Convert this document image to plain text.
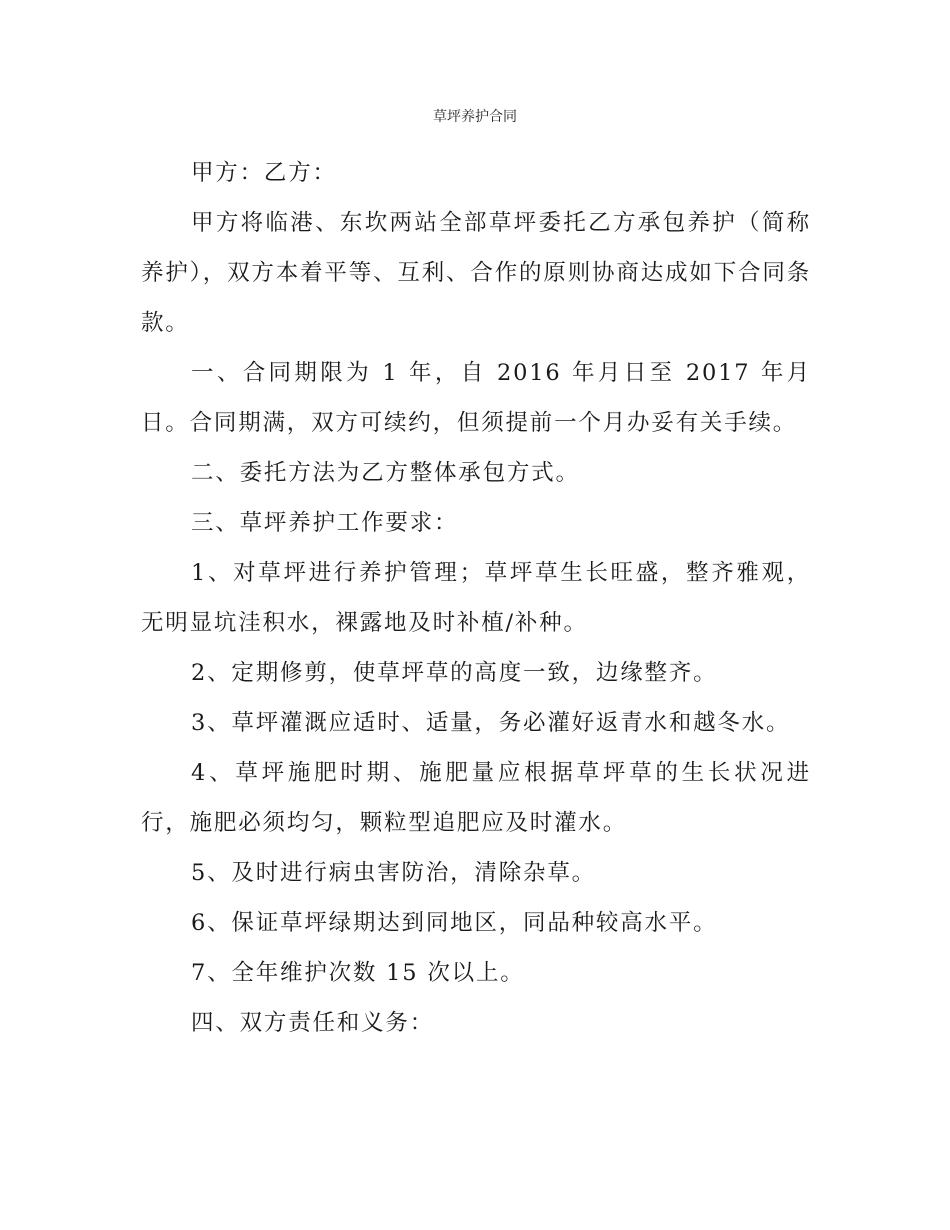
草坪养护合同

甲方：乙方：

甲方将临港、东坎两站全部草坪委托乙方承包养护（简称养护），双方本着平等、互利、合作的原则协商达成如下合同条款。

一、合同期限为 1 年，自 2016 年月日至 2017 年月日。合同期满，双方可续约，但须提前一个月办妥有关手续。

二、委托方法为乙方整体承包方式。

三、草坪养护工作要求：

1、对草坪进行养护管理；草坪草生长旺盛，整齐雅观，无明显坑洼积水，裸露地及时补植/补种。

2、定期修剪，使草坪草的高度一致，边缘整齐。

3、草坪灌溉应适时、适量，务必灌好返青水和越冬水。

4、草坪施肥时期、施肥量应根据草坪草的生长状况进行，施肥必须均匀，颗粒型追肥应及时灌水。

5、及时进行病虫害防治，清除杂草。

6、保证草坪绿期达到同地区，同品种较高水平。

7、全年维护次数 15 次以上。

四、双方责任和义务：
